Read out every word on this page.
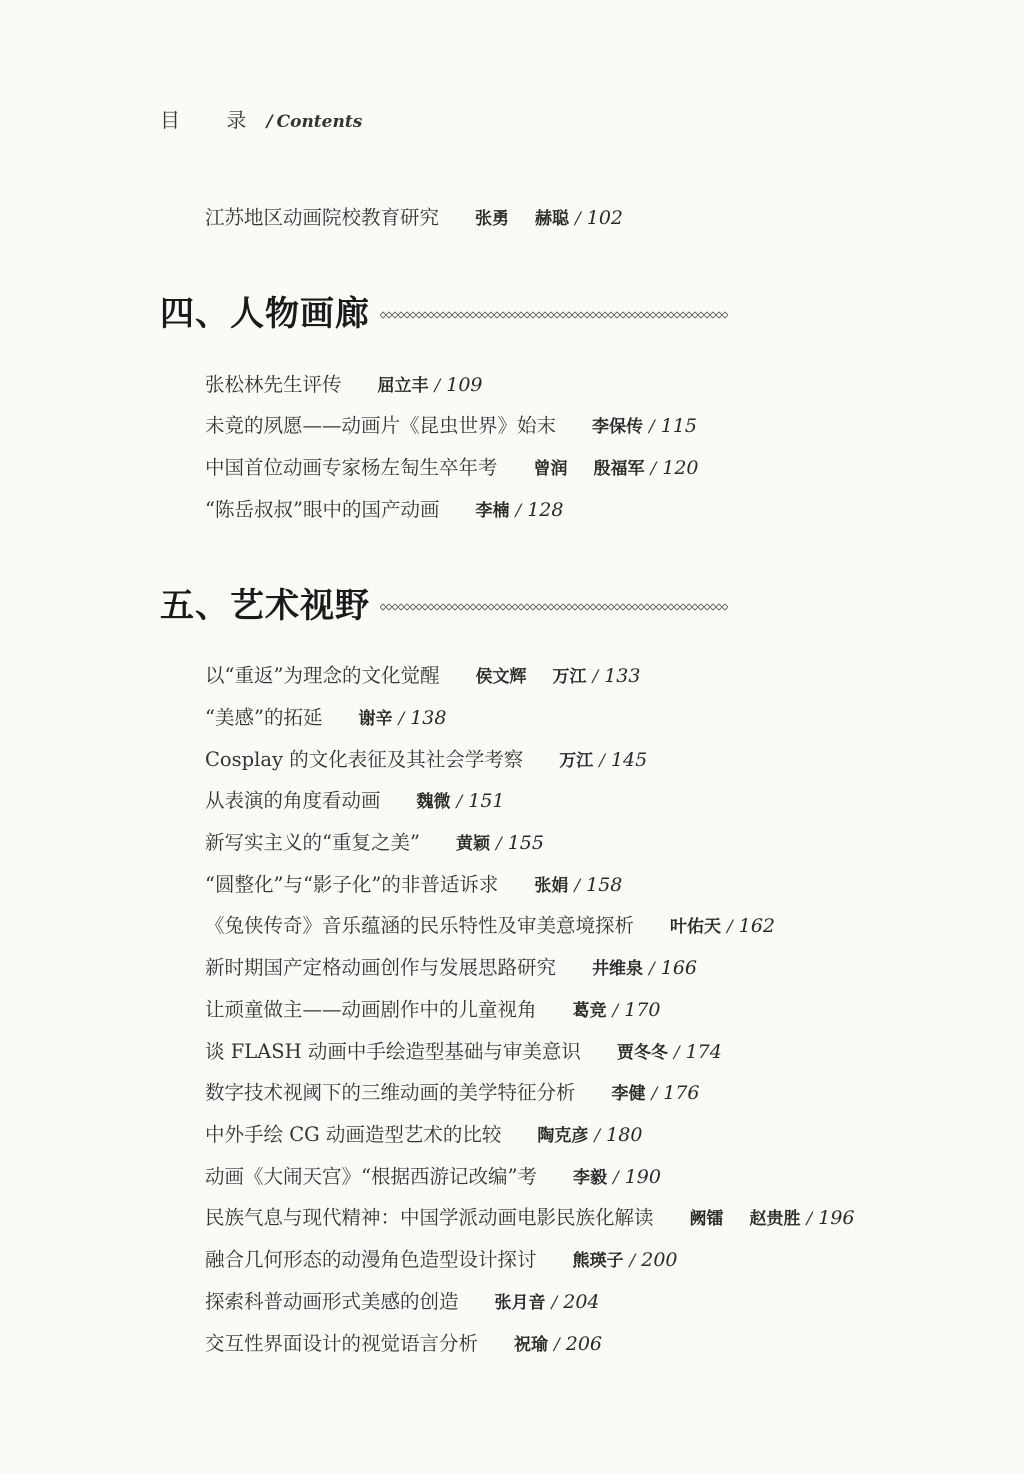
目 录/ Contents
江苏地区动画院校教育研究 张勇 赫聪 / 102
四、人物画廊
张松林先生评传 屈立丰 / 109
未竟的夙愿——动画片《昆虫世界》始末 李保传 / 115
中国首位动画专家杨左匋生卒年考 曾润 殷福军 / 120
“陈岳叔叔”眼中的国产动画 李楠 / 128
五、艺术视野
以“重返”为理念的文化觉醒 侯文辉 万江 / 133
“美感”的拓延 谢辛 / 138
Cosplay 的文化表征及其社会学考察 万江 / 145
从表演的角度看动画 魏微 / 151
新写实主义的“重复之美” 黄颖 / 155
“圆整化”与“影子化”的非普适诉求 张娟 / 158
《兔侠传奇》音乐蕴涵的民乐特性及审美意境探析 叶佑天 / 162
新时期国产定格动画创作与发展思路研究 井维泉 / 166
让顽童做主——动画剧作中的儿童视角 葛竞 / 170
谈 FLASH 动画中手绘造型基础与审美意识 贾冬冬 / 174
数字技术视阈下的三维动画的美学特征分析 李健 / 176
中外手绘 CG 动画造型艺术的比较 陶克彦 / 180
动画《大闹天宫》“根据西游记改编”考 李毅 / 190
民族气息与现代精神：中国学派动画电影民族化解读 阙镭 赵贵胜 / 196
融合几何形态的动漫角色造型设计探讨 熊瑛子 / 200
探索科普动画形式美感的创造 张月音 / 204
交互性界面设计的视觉语言分析 祝瑜 / 206
